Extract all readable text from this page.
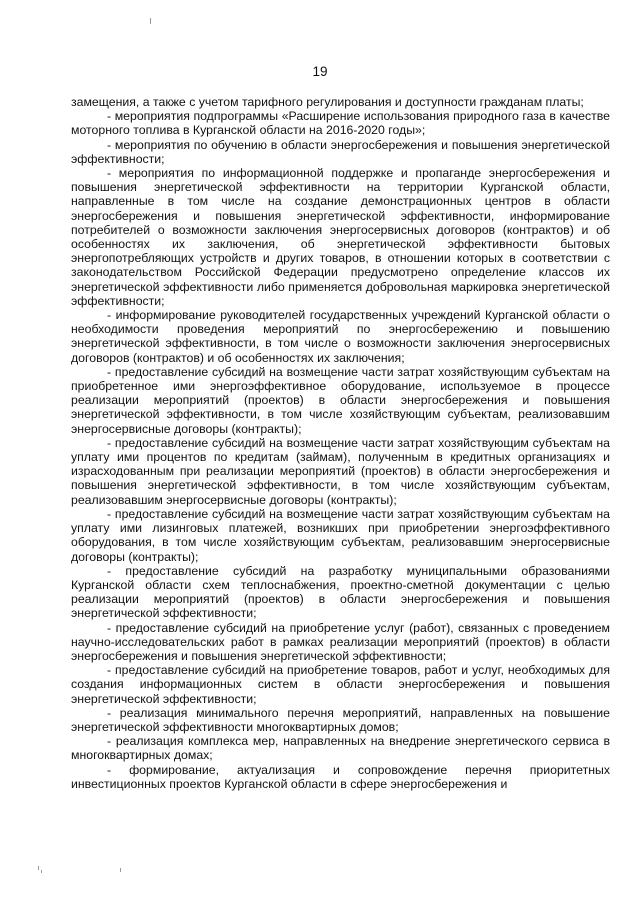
19

замещения, а также с учетом тарифного регулирования и доступности гражданам платы;

- мероприятия подпрограммы «Расширение использования природного газа в качестве моторного топлива в Курганской области на 2016-2020 годы»;

- мероприятия по обучению в области энергосбережения и повышения энергетической эффективности;

- мероприятия по информационной поддержке и пропаганде энергосбережения и повышения энергетической эффективности на территории Курганской области, направленные в том числе на создание демонстрационных центров в области энергосбережения и повышения энергетической эффективности, информирование потребителей о возможности заключения энергосервисных договоров (контрактов) и об особенностях их заключения, об энергетической эффективности бытовых энергопотребляющих устройств и других товаров, в отношении которых в соответствии с законодательством Российской Федерации предусмотрено определение классов их энергетической эффективности либо применяется добровольная маркировка энергетической эффективности;

- информирование руководителей государственных учреждений Курганской области о необходимости проведения мероприятий по энергосбережению и повышению энергетической эффективности, в том числе о возможности заключения энергосервисных договоров (контрактов) и об особенностях их заключения;

- предоставление субсидий на возмещение части затрат хозяйствующим субъектам на приобретенное ими энергоэффективное оборудование, используемое в процессе реализации мероприятий (проектов) в области энергосбережения и повышения энергетической эффективности, в том числе хозяйствующим субъектам, реализовавшим энергосервисные договоры (контракты);

- предоставление субсидий на возмещение части затрат хозяйствующим субъектам на уплату ими процентов по кредитам (займам), полученным в кредитных организациях и израсходованным при реализации мероприятий (проектов) в области энергосбережения и повышения энергетической эффективности, в том числе хозяйствующим субъектам, реализовавшим энергосервисные договоры (контракты);

- предоставление субсидий на возмещение части затрат хозяйствующим субъектам на уплату ими лизинговых платежей, возникших при приобретении энергоэффективного оборудования, в том числе хозяйствующим субъектам, реализовавшим энергосервисные договоры (контракты);

- предоставление субсидий на разработку муниципальными образованиями Курганской области схем теплоснабжения, проектно-сметной документации с целью реализации мероприятий (проектов) в области энергосбережения и повышения энергетической эффективности;

- предоставление субсидий на приобретение услуг (работ), связанных с проведением научно-исследовательских работ в рамках реализации мероприятий (проектов) в области энергосбережения и повышения энергетической эффективности;

- предоставление субсидий на приобретение товаров, работ и услуг, необходимых для создания информационных систем в области энергосбережения и повышения энергетической эффективности;

- реализация минимального перечня мероприятий, направленных на повышение энергетической эффективности многоквартирных домов;

- реализация комплекса мер, направленных на внедрение энергетического сервиса в многоквартирных домах;

- формирование, актуализация и сопровождение перечня приоритетных инвестиционных проектов Курганской области в сфере энергосбережения и
